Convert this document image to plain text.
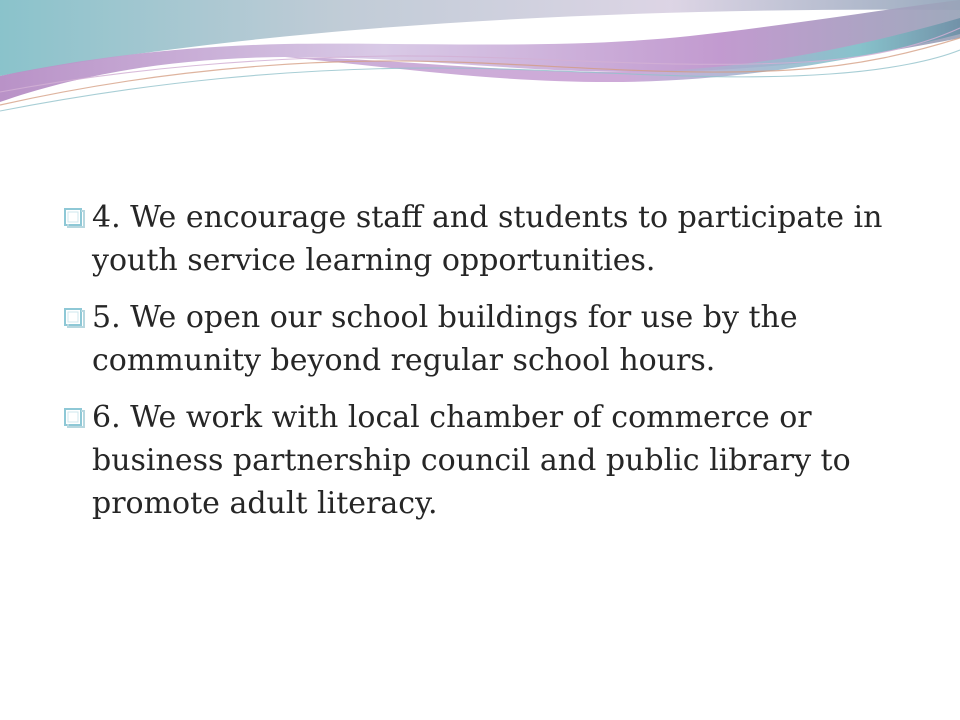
4. We encourage staff and students to participate in youth service learning opportunities.
5. We open our school buildings for use by the community beyond regular school hours.
6. We work with local chamber of commerce or business partnership council and public library to promote adult literacy.
